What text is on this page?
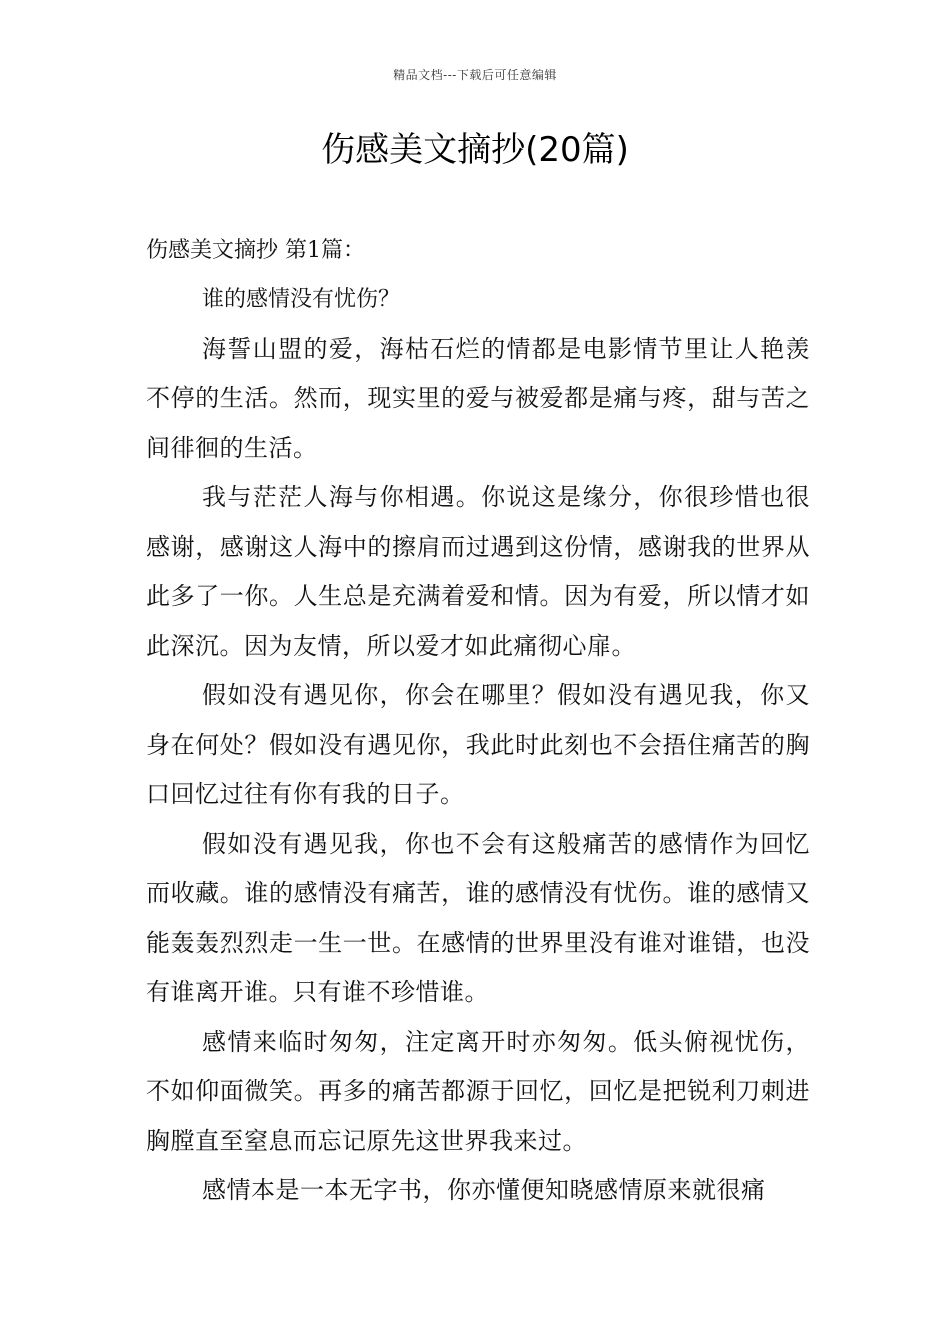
精品文档---下载后可任意编辑
伤感美文摘抄(20篇)

伤感美文摘抄 第1篇：

谁的感情没有忧伤？

海誓山盟的爱，海枯石烂的情都是电影情节里让人艳羡不停的生活。然而，现实里的爱与被爱都是痛与疼，甜与苦之间徘徊的生活。

我与茫茫人海与你相遇。你说这是缘分，你很珍惜也很感谢，感谢这人海中的擦肩而过遇到这份情，感谢我的世界从此多了一你。人生总是充满着爱和情。因为有爱，所以情才如此深沉。因为友情，所以爱才如此痛彻心扉。

假如没有遇见你，你会在哪里？假如没有遇见我，你又身在何处？假如没有遇见你，我此时此刻也不会捂住痛苦的胸口回忆过往有你有我的日子。

假如没有遇见我，你也不会有这般痛苦的感情作为回忆而收藏。谁的感情没有痛苦，谁的感情没有忧伤。谁的感情又能轰轰烈烈走一生一世。在感情的世界里没有谁对谁错，也没有谁离开谁。只有谁不珍惜谁。

感情来临时匆匆，注定离开时亦匆匆。低头俯视忧伤，不如仰面微笑。再多的痛苦都源于回忆，回忆是把锐利刀刺进胸膛直至窒息而忘记原先这世界我来过。

感情本是一本无字书，你亦懂便知晓感情原来就很痛
